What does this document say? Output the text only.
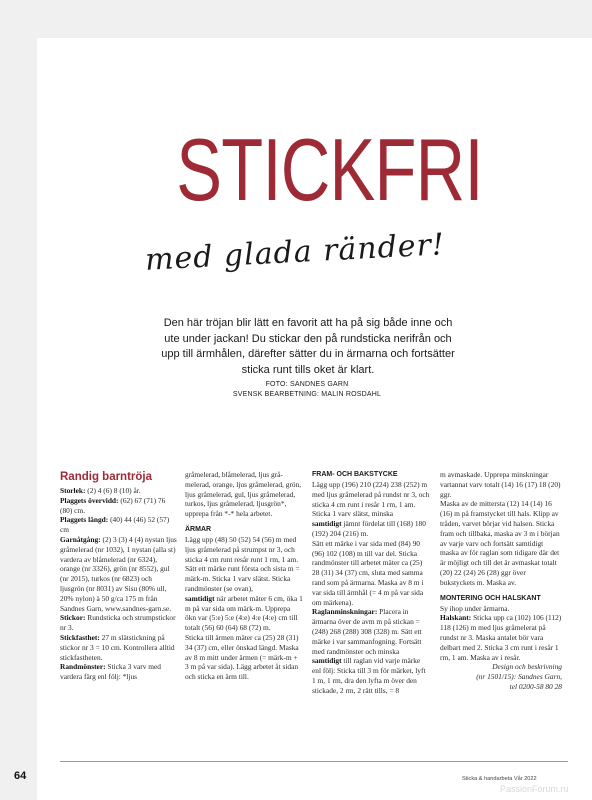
STICKFRI
med glada ränder!

Den här tröjan blir lätt en favorit att ha på sig både inne och ute under jackan! Du stickar den på rundsticka nerifrån och upp till ärmhålen, därefter sätter du in ärmarna och fortsätter sticka runt tills oket är klart.

FOTO: SANDNES GARN
SVENSK BEARBETNING: MALIN ROSDAHL
Randig barntröja

Storlek: (2) 4 (6) 8 (10) år.

Plaggets övervidd: (62) 67 (71) 76 (80) cm.

Plaggets längd: (40) 44 (46) 52 (57) cm

Garnåtgång: (2) 3 (3) 4 (4) nystan ljus gråmelerad (nr 1032), 1 nystan (alla st) vardera av blåmelerad (nr 6324), orange (nr 3326), grön (nr 8552), gul (nr 2015), turkos (nr 6823) och ljusgrön (nr 8031) av Sisu (80% ull, 20% nylon) à 50 g/ca 175 m från Sandnes Garn, www.sandnes-garn.se.

Stickor: Rundsticka och strumpstickor nr 3.

Stickfasthet: 27 m slätstickning på stickor nr 3 = 10 cm. Kontrollera alltid stickfastheten.

Randmönster: Sticka 3 varv med vardera färg enl följ: *ljus

gråmelerad, blåmelerad, ljus gråmelerad, orange, ljus gråmelerad, grön, ljus gråmelerad, gul, ljus gråmelerad, turkos, ljus gråmelerad, ljusgrön*, upprepa från *-* hela arbetet.

ÄRMAR

Lägg upp (48) 50 (52) 54 (56) m med ljus gråmelerad på strumpst nr 3, och sticka 4 cm runt resår runt 1 rm, 1 am. Sätt ett märke runt första och sista m = märk-m. Sticka 1 varv slätst. Sticka randmönster (se ovan),

samtidigt när arbetet mäter 6 cm, öka 1 m på var sida om märk-m. Upprepa ökn var (5:e) 5:e (4:e) 4:e (4:e) cm till totalt (56) 60 (64) 68 (72) m.

Sticka till ärmen mäter ca (25) 28 (31) 34 (37) cm, eller önskad längd. Maska av 8 m mitt under ärmen (= märk-m + 3 m på var sida). Lägg arbetet åt sidan och sticka en ärm till.

FRAM- OCH BAKSTYCKE

Lägg upp (196) 210 (224) 238 (252) m med ljus gråmelerad på rundst nr 3, och sticka 4 cm runt i resår 1 rm, 1 am. Sticka 1 varv slätst, minska

samtidigt jämnt fördelat till (168) 180 (192) 204 (216) m.

Sätt ett märke i var sida med (84) 90 (96) 102 (108) m till var del. Sticka randmönster till arbetet mäter ca (25) 28 (31) 34 (37) cm, sluta med samma rand som på ärmarna. Maska av 8 m i var sida till ärmhål (= 4 m på var sida om märkena).

Raglanminskningar: Placera in ärmarna över de avm m på stickan = (248) 268 (288) 308 (328) m. Sätt ett märke i var sammanfogning. Fortsätt med randmönster och minska

samtidigt till raglan vid varje märke enl följ: Sticka till 3 m för märket, lyft 1 m, 1 rm, dra den lyfta m över den stickade, 2 rm, 2 rätt tills, = 8

m avmaskade. Upprepa minskningar vartannat varv totalt (14) 16 (17) 18 (20) ggr.

Maska av de mittersta (12) 14 (14) 16 (16) m på framstycket till hals. Klipp av tråden, varvet börjar vid halsen. Sticka fram och tillbaka, maska av 3 m i början av varje varv och fortsätt samtidigt maska av för raglan som tidigare där det är möjligt och till det är avmaskat totalt (20) 22 (24) 26 (28) ggr över bukstyckets m. Maska av.

MONTERING OCH HALSKANT

Sy ihop under ärmarna.

Halskant: Sticka upp ca (102) 106 (112) 118 (126) m med ljus gråmelerat på rundst nr 3. Maska antalet bör vara delbart med 2. Sticka 3 cm runt i resår 1 rm, 1 am. Maska av i resår.

Design och beskrivning
(nr 1501/15): Sandnes Garn,
tel 0200-58 80 28

64	Sticka & handarbeta Vår 2022
PassionForum.ru
